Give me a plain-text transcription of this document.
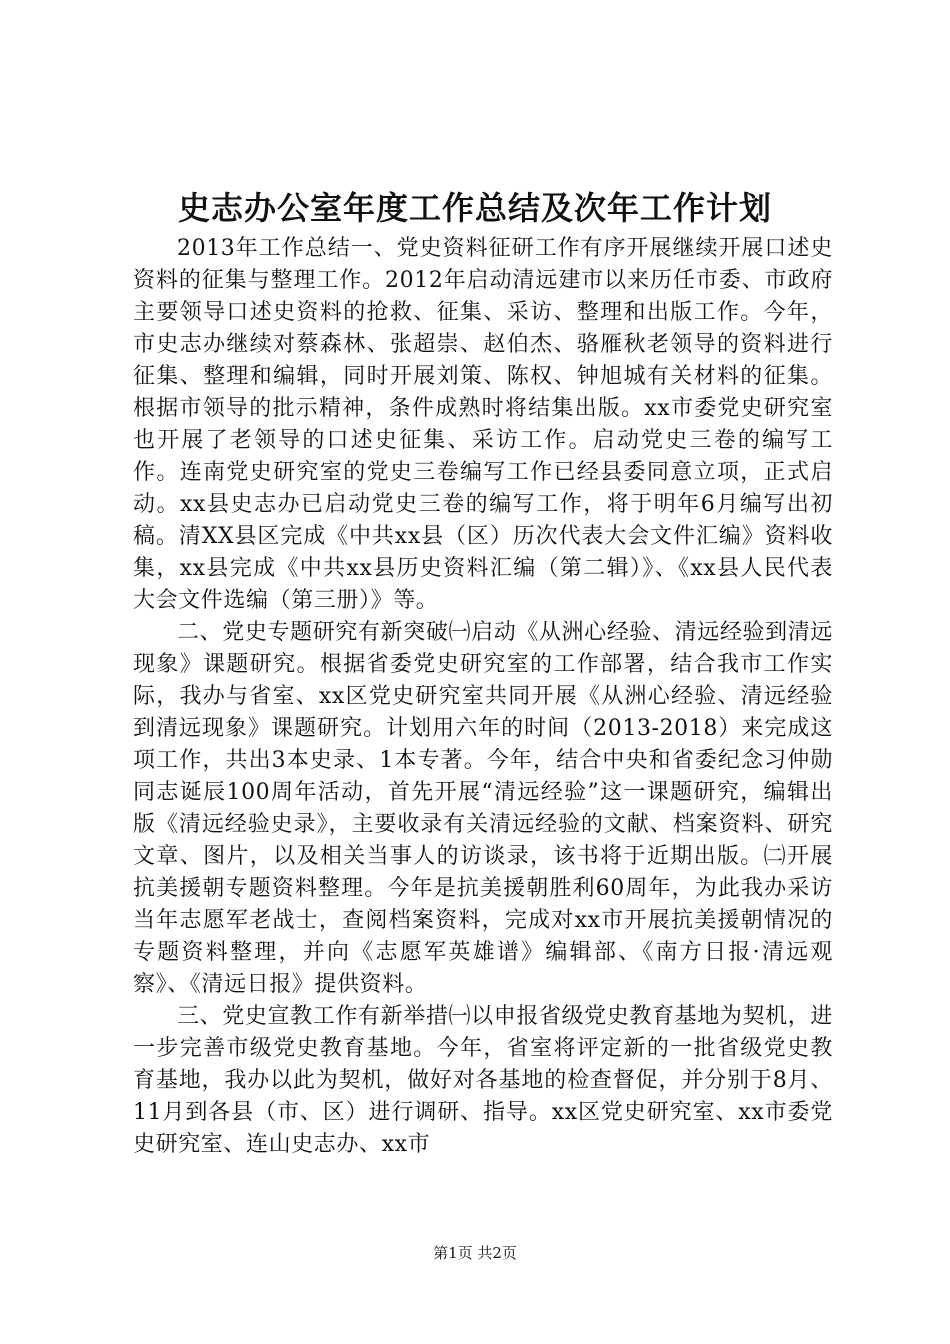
史志办公室年度工作总结及次年工作计划

2013年工作总结一、党史资料征研工作有序开展继续开展口述史资料的征集与整理工作。2012年启动清远建市以来历任市委、市政府主要领导口述史资料的抢救、征集、采访、整理和出版工作。今年，市史志办继续对蔡森林、张超崇、赵伯杰、骆雁秋老领导的资料进行征集、整理和编辑，同时开展刘策、陈权、钟旭城有关材料的征集。根据市领导的批示精神，条件成熟时将结集出版。xx市委党史研究室也开展了老领导的口述史征集、采访工作。启动党史三卷的编写工作。连南党史研究室的党史三卷编写工作已经县委同意立项，正式启动。xx县史志办已启动党史三卷的编写工作，将于明年6月编写出初稿。清XX县区完成《中共xx县（区）历次代表大会文件汇编》资料收集，xx县完成《中共xx县历史资料汇编（第二辑）》、《xx县人民代表大会文件选编（第三册）》等。

二、党史专题研究有新突破㈠启动《从洲心经验、清远经验到清远现象》课题研究。根据省委党史研究室的工作部署，结合我市工作实际，我办与省室、xx区党史研究室共同开展《从洲心经验、清远经验到清远现象》课题研究。计划用六年的时间（2013-2018）来完成这项工作，共出3本史录、1本专著。今年，结合中央和省委纪念习仲勋同志诞辰100周年活动，首先开展“清远经验”这一课题研究，编辑出版《清远经验史录》，主要收录有关清远经验的文献、档案资料、研究文章、图片，以及相关当事人的访谈录，该书将于近期出版。㈡开展抗美援朝专题资料整理。今年是抗美援朝胜利60周年，为此我办采访当年志愿军老战士，查阅档案资料，完成对xx市开展抗美援朝情况的专题资料整理，并向《志愿军英雄谱》编辑部、《南方日报·清远观察》、《清远日报》提供资料。

三、党史宣教工作有新举措㈠以申报省级党史教育基地为契机，进一步完善市级党史教育基地。今年，省室将评定新的一批省级党史教育基地，我办以此为契机，做好对各基地的检查督促，并分别于8月、11月到各县（市、区）进行调研、指导。xx区党史研究室、xx市委党史研究室、连山史志办、xx市

第1页 共2页
